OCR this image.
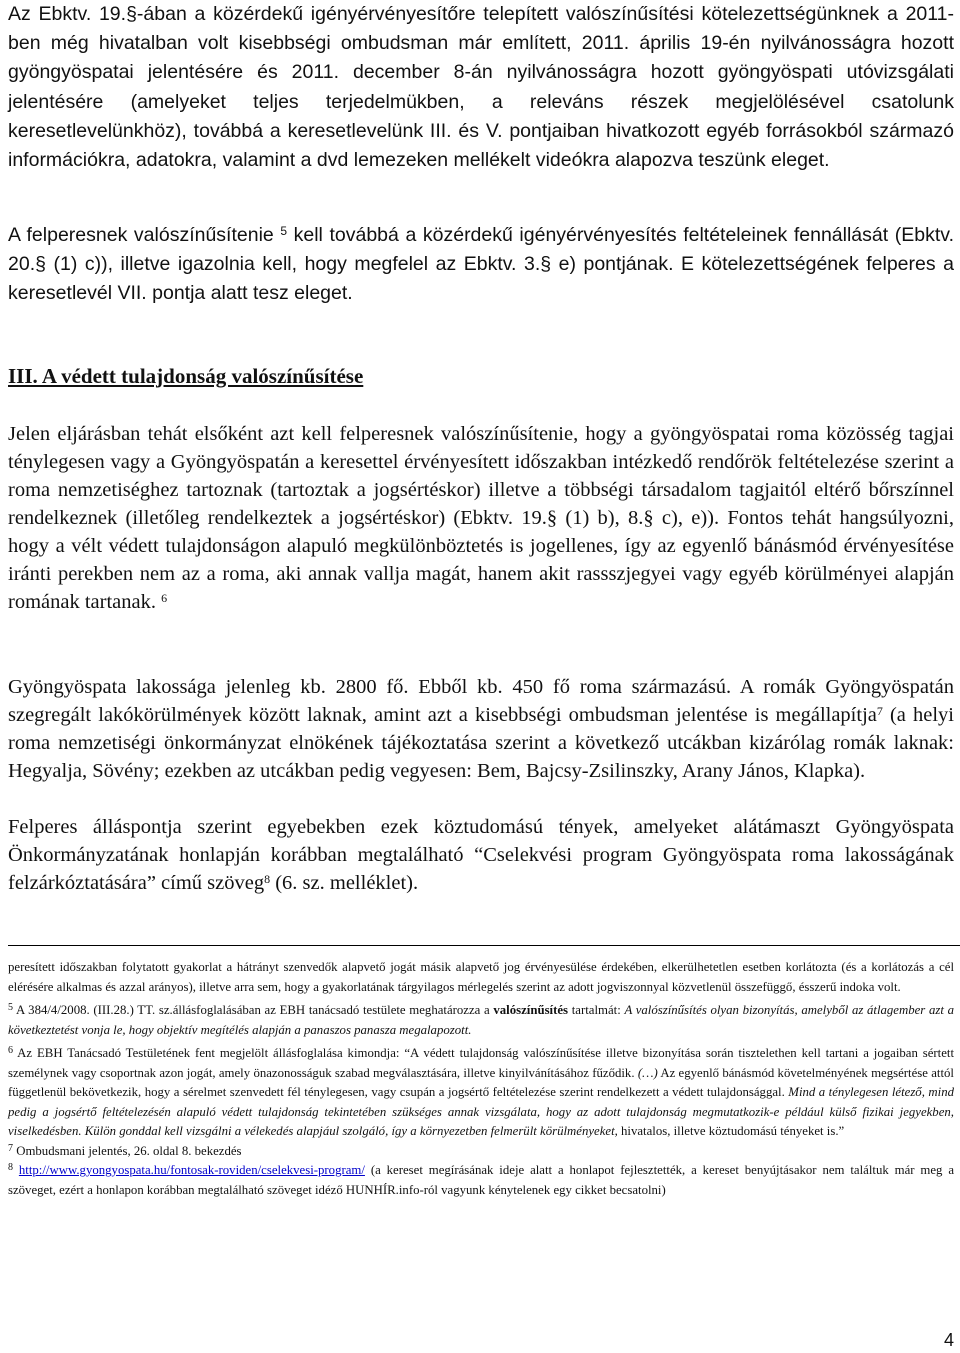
Az Ebktv. 19.§-ában a közérdekű igényérvényesítőre telepített valószínűsítési kötelezettségünknek a 2011-ben még hivatalban volt kisebbségi ombudsman már említett, 2011. április 19-én nyilvánosságra hozott gyöngyöspatai jelentésére és 2011. december 8-án nyilvánosságra hozott gyöngyöspati utóvizsgálati jelentésére (amelyeket teljes terjedelmükben, a releváns részek megjelölésével csatolunk keresetlevelünkhöz), továbbá a keresetlevelünk III. és V. pontjaiban hivatkozott egyéb forrásokból származó információkra, adatokra, valamint a dvd lemezeken mellékelt videókra alapozva teszünk eleget.

A felperesnek valószínűsítenie $^5$ kell továbbá a közérdekű igényérvényesítés feltételeinek fennállását (Ebktv. 20.§ (1) c)), illetve igazolnia kell, hogy megfelel az Ebktv. 3.§ e) pontjának. E kötelezettségének felperes a keresetlevél VII. pontja alatt tesz eleget.

III. A védett tulajdonság valószínűsítése

Jelen eljárásban tehát elsőként azt kell felperesnek valószínűsítenie, hogy a gyöngyöspatai roma közösség tagjai ténylegesen vagy a Gyöngyöspatán a keresettel érvényesített időszakban intézkedő rendőrök feltételezése szerint a roma nemzetiséghez tartoznak (tartoztak a jogsértéskor) illetve a többségi társadalom tagjaitól eltérő bőrszínnel rendelkeznek (illetőleg rendelkeztek a jogsértéskor) (Ebktv. 19.§ (1) b), 8.§ c), e)). Fontos tehát hangsúlyozni, hogy a vélt védett tulajdonságon alapuló megkülönböztetés is jogellenes, így az egyenlő bánásmód érvényesítése iránti perekben nem az a roma, aki annak vallja magát, hanem akit rassszjegyei vagy egyéb körülményei alapján romának tartanak. $^6$

Gyöngyöspata lakossága jelenleg kb. 2800 fő. Ebből kb. 450 fő roma származású. A romák Gyöngyöspatán szegregált lakókörülmények között laknak, amint azt a kisebbségi ombudsman jelentése is megállapítja$^7$ (a helyi roma nemzetiségi önkormányzat elnökének tájékoztatása szerint a következő utcákban kizárólag romák laknak: Hegyalja, Sövény; ezekben az utcákban pedig vegyesen: Bem, Bajcsy-Zsilinszky, Arany János, Klapka).

Felperes álláspontja szerint egyebekben ezek köztudomású tények, amelyeket alátámaszt Gyöngyöspata Önkormányzatának honlapján korábban megtalálható “Cselekvési program Gyöngyöspata roma lakosságának felzárkóztatására” című szöveg$^8$ (6. sz. melléklet).

peresített időszakban folytatott gyakorlat a hátrányt szenvedők alapvető jogát másik alapvető jog érvényesülése érdekében, elkerülhetetlen esetben korlátozta (és a korlátozás a cél elérésére alkalmas és azzal arányos), illetve arra sem, hogy a gyakorlatának tárgyilagos mérlegelés szerint az adott jogviszonnyal közvetlenül összefüggő, ésszerű indoka volt.

$^5$ A 384/4/2008. (III.28.) TT. sz.állásfoglalásában az EBH tanácsadó testülete meghatározza a valószínűsítés tartalmát: A valószínűsítés olyan bizonyítás, amelyből az átlagember azt a következtetést vonja le, hogy objektív megítélés alapján a panaszos panasza megalapozott.

$^6$ Az EBH Tanácsadó Testületének fent megjelölt állásfoglalása kimondja: “A védett tulajdonság valószínűsítése illetve bizonyítása során tisztelethen kell tartani a jogaiban sértett személynek vagy csoportnak azon jogát, amely önazonosságuk szabad megválasztására, illetve kinyilvánításához fűződik. (…) Az egyenlő bánásmód követelményének megsértése attól függetlenül bekövetkezik, hogy a sérelmet szenvedett fél ténylegesen, vagy csupán a jogsértő feltételezése szerint rendelkezett a védett tulajdonsággal. Mind a ténylegesen létező, mind pedig a jogsértő feltételezésén alapuló védett tulajdonság tekintetében szükséges annak vizsgálata, hogy az adott tulajdonság megmutatkozik-e például külső fizikai jegyekben, viselkedésben. Külön gonddal kell vizsgálni a vélekedés alapjául szolgáló, így a környezetben felmerült körülményeket, hivatalos, illetve köztudomású tényeket is.”

$^7$ Ombudsmani jelentés, 26. oldal 8. bekezdés

$^8$ http://www.gyongyospata.hu/fontosak-roviden/cselekvesi-program/ (a kereset megírásának ideje alatt a honlapot fejlesztették, a kereset benyújtásakor nem találtuk már meg a szöveget, ezért a honlapon korábban megtalálható szöveget idéző HUNHÍR.info-ról vagyunk kénytelenek egy cikket becsatolni)

4
